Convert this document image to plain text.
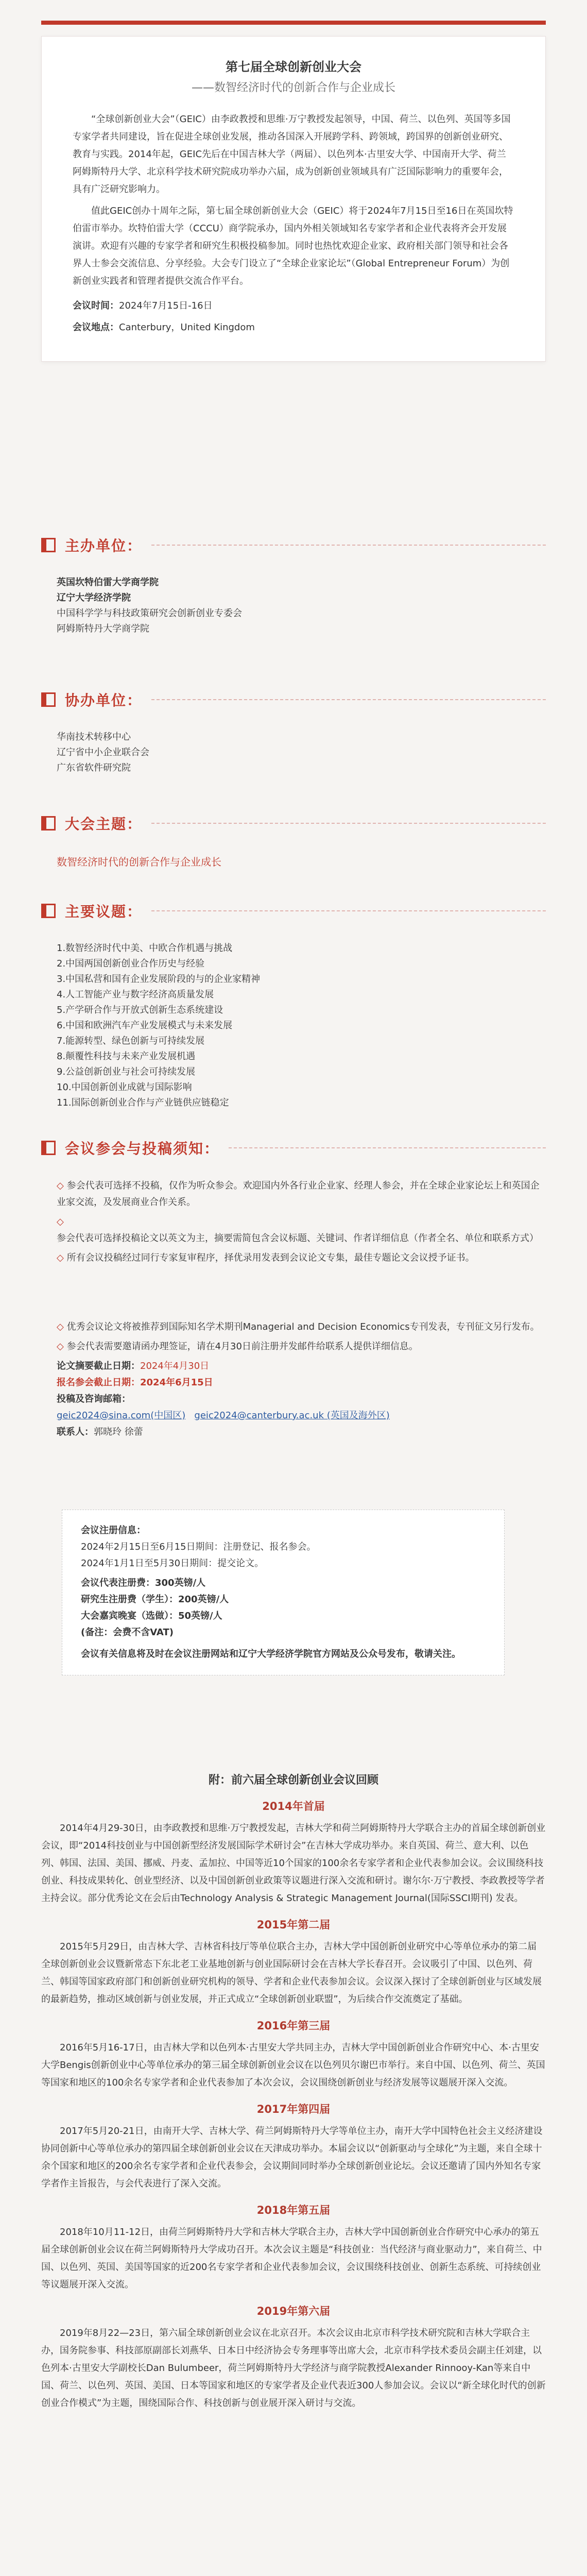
第七届全球创新创业大会

——数智经济时代的创新合作与企业成长

“全球创新创业大会”（GEIC）由李政教授和思维·万宁教授发起领导，中国、荷兰、以色列、英国等多国专家学者共同建设，旨在促进全球创业发展，推动各国深入开展跨学科、跨领域，跨国界的创新创业研究、教育与实践。2014年起，GEIC先后在中国吉林大学（两届）、以色列本·古里安大学、中国南开大学、荷兰阿姆斯特丹大学、北京科学技术研究院成功举办六届，成为创新创业领域具有广泛国际影响力的重要年会，具有广泛研究影响力。

值此GEIC创办十周年之际，第七届全球创新创业大会（GEIC）将于2024年7月15日至16日在英国坎特伯雷市举办。坎特伯雷大学（CCCU）商学院承办，国内外相关领域知名专家学者和企业代表将齐会开发展演讲。欢迎有兴趣的专家学者和研究生积极投稿参加。同时也热忱欢迎企业家、政府相关部门领导和社会各界人士参会交流信息、分享经验。大会专门设立了“全球企业家论坛”（Global Entrepreneur Forum）为创新创业实践者和管理者提供交流合作平台。

会议时间：2024年7月15日-16日

会议地点：Canterbury，United Kingdom

主办单位：
英国坎特伯雷大学商学院
辽宁大学经济学院
中国科学学与科技政策研究会创新创业专委会
阿姆斯特丹大学商学院
协办单位：
华南技术转移中心
辽宁省中小企业联合会
广东省软件研究院
大会主题：
数智经济时代的创新合作与企业成长
主要议题：
1.数智经济时代中美、中欧合作机遇与挑战
2.中国两国创新创业合作历史与经验
3.中国私营和国有企业发展阶段的与的企业家精神
4.人工智能产业与数字经济高质量发展
5.产学研合作与开放式创新生态系统建设
6.中国和欧洲汽车产业发展模式与未来发展
7.能源转型、绿色创新与可持续发展
8.颠覆性科技与未来产业发展机遇
9.公益创新创业与社会可持续发展
10.中国创新创业成就与国际影响
11.国际创新创业合作与产业链供应链稳定
会议参会与投稿须知：

◇ 参会代表可选择不投稿，仅作为听众参会。欢迎国内外各行业企业家、经理人参会，并在全球企业家论坛上和英国企业家交流，及发展商业合作关系。

◇ 参会代表可选择投稿论文以英文为主，摘要需简包含会议标题、关键词、作者详细信息（作者全名、单位和联系方式）

◇ 所有会议投稿经过同行专家复审程序，择优录用发表到会议论文专集，最佳专题论文会议授予证书。

◇ 优秀会议论文将被推荐到国际知名学术期刊Managerial and Decision Economics专刊发表，专刊征文另行发布。

◇ 参会代表需要邀请函办理签证，请在4月30日前注册并发邮件给联系人提供详细信息。

论文摘要截止日期：2024年4月30日

报名参会截止日期：2024年6月15日

投稿及咨询邮箱：

geic2024@sina.com(中国区) geic2024@canterbury.ac.uk (英国及海外区)

联系人：郭晓玲 徐蕾

会议注册信息：

2024年2月15日至6月15日期间：注册登记、报名参会。

2024年1月1日至5月30日期间：提交论文。

会议代表注册费：300英镑/人

研究生注册费（学生）：200英镑/人

大会嘉宾晚宴（选做）：50英镑/人

(备注：会费不含VAT)

会议有关信息将及时在会议注册网站和辽宁大学经济学院官方网站及公众号发布，敬请关注。

附：前六届全球创新创业会议回顾
2014年首届

2014年4月29-30日，由李政教授和思维·万宁教授发起，吉林大学和荷兰阿姆斯特丹大学联合主办的首届全球创新创业会议，即“2014科技创业与中国创新型经济发展国际学术研讨会”在吉林大学成功举办。来自英国、荷兰、意大利、以色列、韩国、法国、美国、挪威、丹麦、孟加拉、中国等近10个国家的100余名专家学者和企业代表参加会议。会议围绕科技创业、科技成果转化、创业型经济、以及中国创新创业政策等议题进行深入交流和研讨。谢尔尔·万宁教授、李政教授等学者主持会议。部分优秀论文在会后由Technology Analysis & Strategic Management Journal(国际SSCI期刊) 发表。

2015年第二届

2015年5月29日，由吉林大学、吉林省科技厅等单位联合主办，吉林大学中国创新创业研究中心等单位承办的第二届全球创新创业会议暨新常态下东北老工业基地创新与创业国际研讨会在吉林大学长春召开。会议吸引了中国、以色列、荷兰、韩国等国家政府部门和创新创业研究机构的领导、学者和企业代表参加会议。会议深入探讨了全球创新创业与区域发展的最新趋势，推动区域创新与创业发展，并正式成立“全球创新创业联盟”，为后续合作交流奠定了基础。

2016年第三届

2016年5月16-17日，由吉林大学和以色列本·古里安大学共同主办，吉林大学中国创新创业合作研究中心、本·古里安大学Bengis创新创业中心等单位承办的第三届全球创新创业会议在以色列贝尔谢巴市举行。来自中国、以色列、荷兰、英国等国家和地区的100余名专家学者和企业代表参加了本次会议，会议围绕创新创业与经济发展等议题展开深入交流。

2017年第四届

2017年5月20-21日，由南开大学、吉林大学、荷兰阿姆斯特丹大学等单位主办，南开大学中国特色社会主义经济建设协同创新中心等单位承办的第四届全球创新创业会议在天津成功举办。本届会议以“创新驱动与全球化”为主题，来自全球十余个国家和地区的200余名专家学者和企业代表参会，会议期间同时举办全球创新创业论坛。会议还邀请了国内外知名专家学者作主旨报告，与会代表进行了深入交流。

2018年第五届

2018年10月11-12日，由荷兰阿姆斯特丹大学和吉林大学联合主办，吉林大学中国创新创业合作研究中心承办的第五届全球创新创业会议在荷兰阿姆斯特丹大学成功召开。本次会议主题是“科技创业：当代经济与商业驱动力”，来自荷兰、中国、以色列、英国、美国等国家的近200名专家学者和企业代表参加会议，会议围绕科技创业、创新生态系统、可持续创业等议题展开深入交流。

2019年第六届

2019年8月22—23日，第六届全球创新创业会议在北京召开。本次会议由北京市科学技术研究院和吉林大学联合主办，国务院参事、科技部原副部长刘燕华、日本日中经济协会专务理事等出席大会，北京市科学技术委员会副主任刘建，以色列本·古里安大学副校长Dan Bulumbeer，荷兰阿姆斯特丹大学经济与商学院教授Alexander Rinnooy-Kan等来自中国、荷兰、以色列、英国、美国、日本等国家和地区的专家学者及企业代表近300人参加会议。会议以“新全球化时代的创新创业合作模式”为主题，围绕国际合作、科技创新与创业展开深入研讨与交流。
